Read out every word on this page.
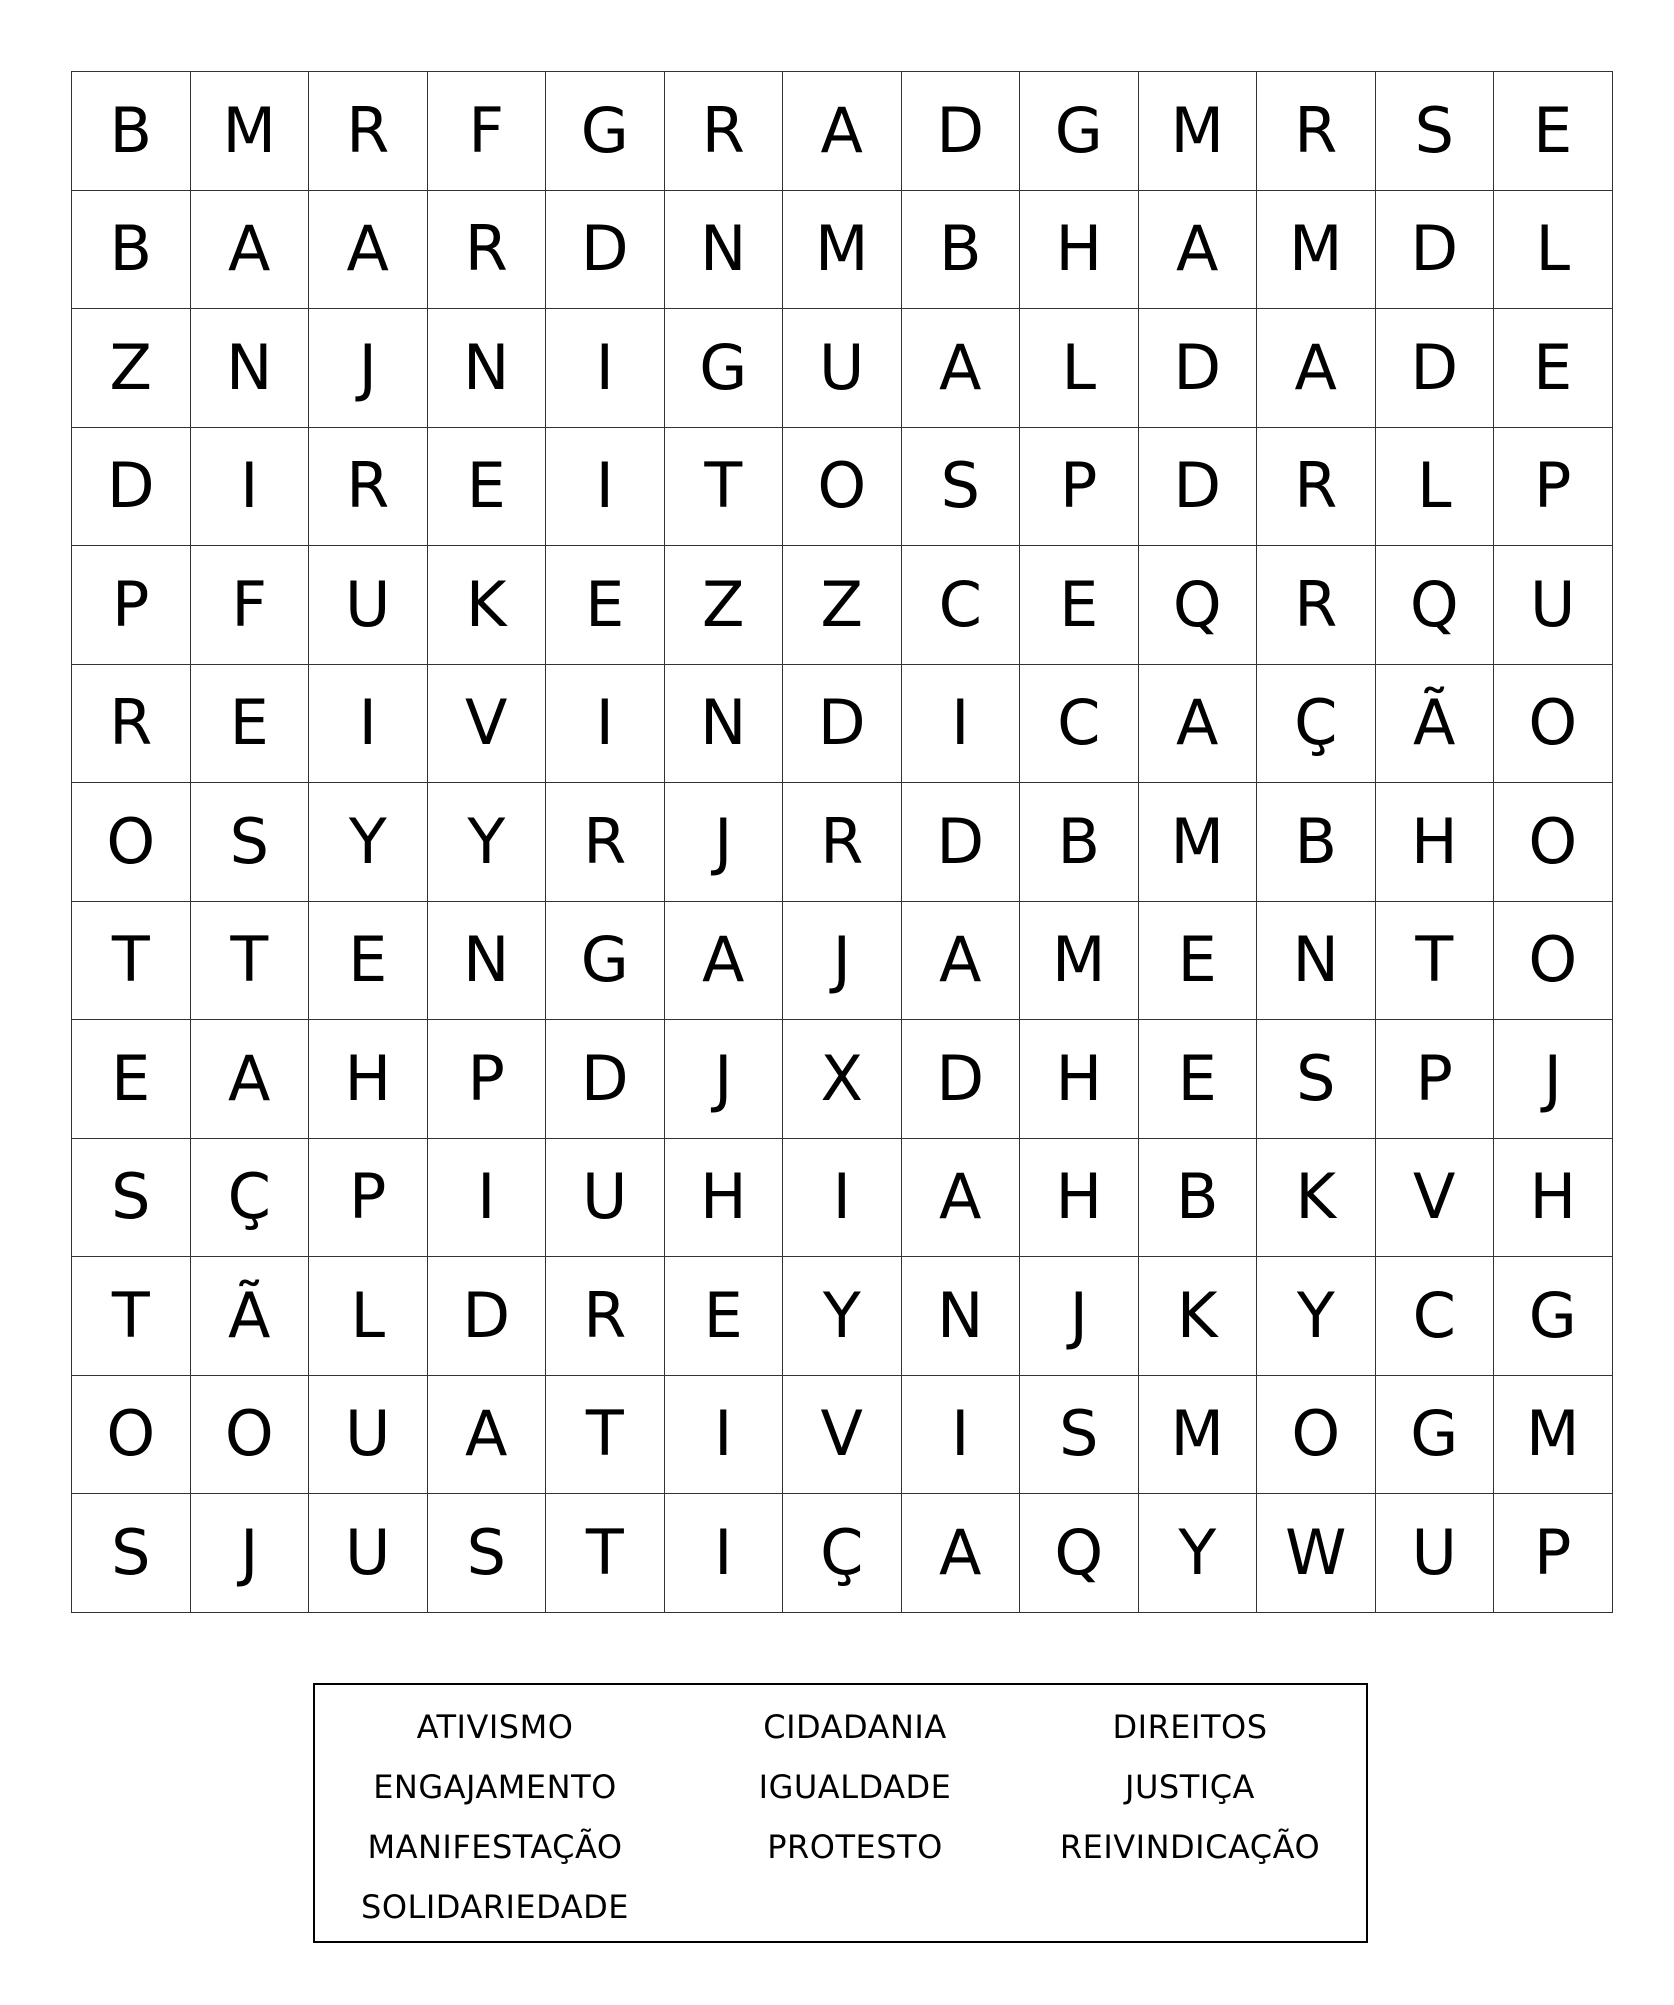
B	M	R	F	G	R	A	D	G	M	R	S	E
B	A	A	R	D	N	M	B	H	A	M	D	L
Z	N	J	N	I	G	U	A	L	D	A	D	E
D	I	R	E	I	T	O	S	P	D	R	L	P
P	F	U	K	E	Z	Z	C	E	Q	R	Q	U
R	E	I	V	I	N	D	I	C	A	Ç	Ã	O
O	S	Y	Y	R	J	R	D	B	M	B	H	O
T	T	E	N	G	A	J	A	M	E	N	T	O
E	A	H	P	D	J	X	D	H	E	S	P	J
S	Ç	P	I	U	H	I	A	H	B	K	V	H
T	Ã	L	D	R	E	Y	N	J	K	Y	C	G
O	O	U	A	T	I	V	I	S	M	O	G	M
S	J	U	S	T	I	Ç	A	Q	Y	W	U	P
ATIVISMO
ENGAJAMENTO
MANIFESTAÇÃO
SOLIDARIEDADE
CIDADANIA
IGUALDADE
PROTESTO
DIREITOS
JUSTIÇA
REIVINDICAÇÃO
